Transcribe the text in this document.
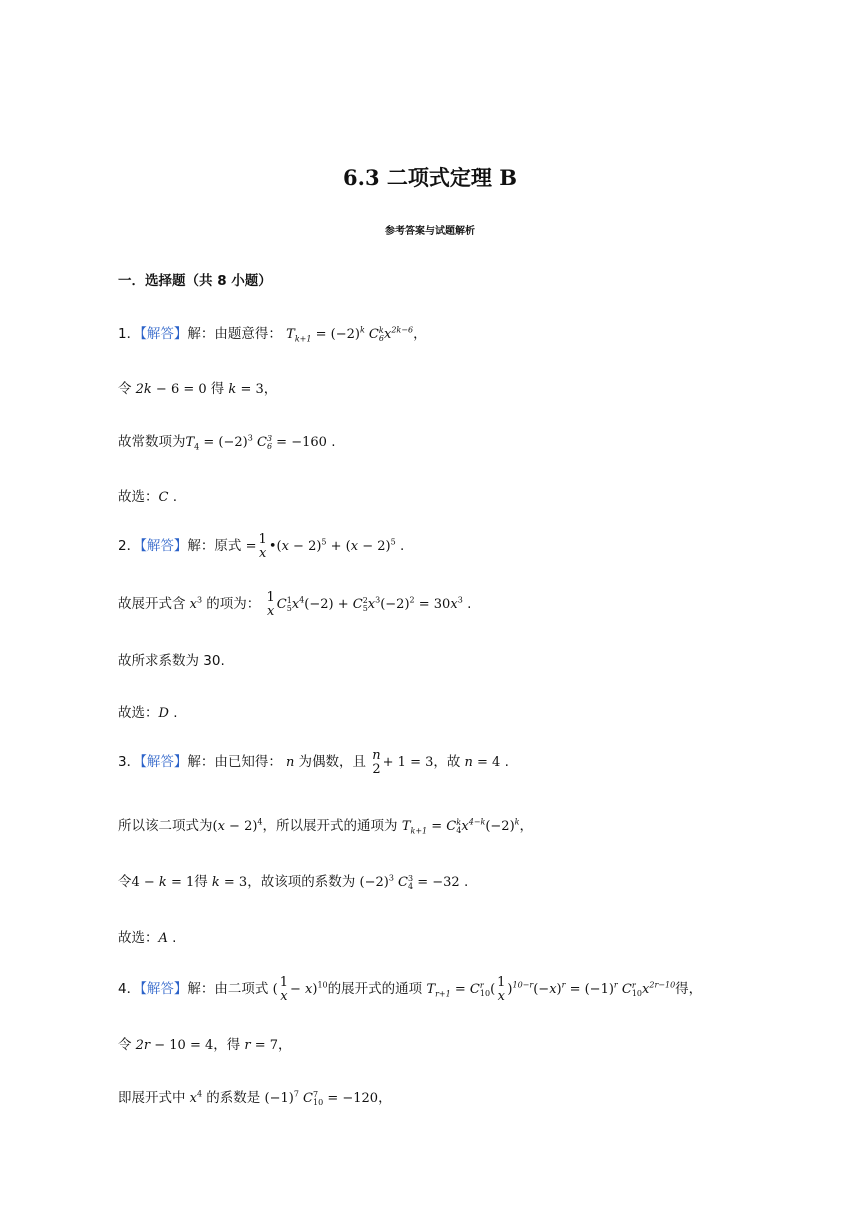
6.3 二项式定理 B
参考答案与试题解析
一．选择题（共 8 小题）
1．【解答】解：由题意得： $T_{k+1} = (-2)^k$ C k
6 $x^{2k-6}$，
令 2k − 6 = 0 得 k = 3，
故常数项为$T_4 = (-2)^3$ C 3
6 = −160 .
故选：C .
2．【解答】解：原式 = 1
x •(x − $2)^5 + (x - 2)^5$ .
故展开式含 $x^3$ 的项为： 1
x C 1
5 $x^4(-2) + C$ 2
5 $x^3(-2)^2 = 30x^3$ .
故所求系数为 30.
故选：D .
3．【解答】解：由已知得： n 为偶数，且 n
2 + 1 = 3，故 n = 4 .
所以该二项式为$(x - 2)^4$，所以展开式的通项为 $T_{k+1} = C$ k
4 $x^{4-k}(-2)^k$，
令4 − k = 1得 k = 3，故该项的系数为 $(-2)^3$ C 3
4 = −32 .
故选：A .
4．【解答】解：由二项式 ( 1
x − x)$^{10}$的展开式的通项 $T_{r+1} = C$ r
10 ( 1
x )$^{10-r}(-x)^r = (-1)^r$ C r
10 $x^{2r-10}$得，
令 2r − 10 = 4，得 r = 7，
即展开式中 $x^4$ 的系数是 $(-1)^7$ C 7
10 = −120，
